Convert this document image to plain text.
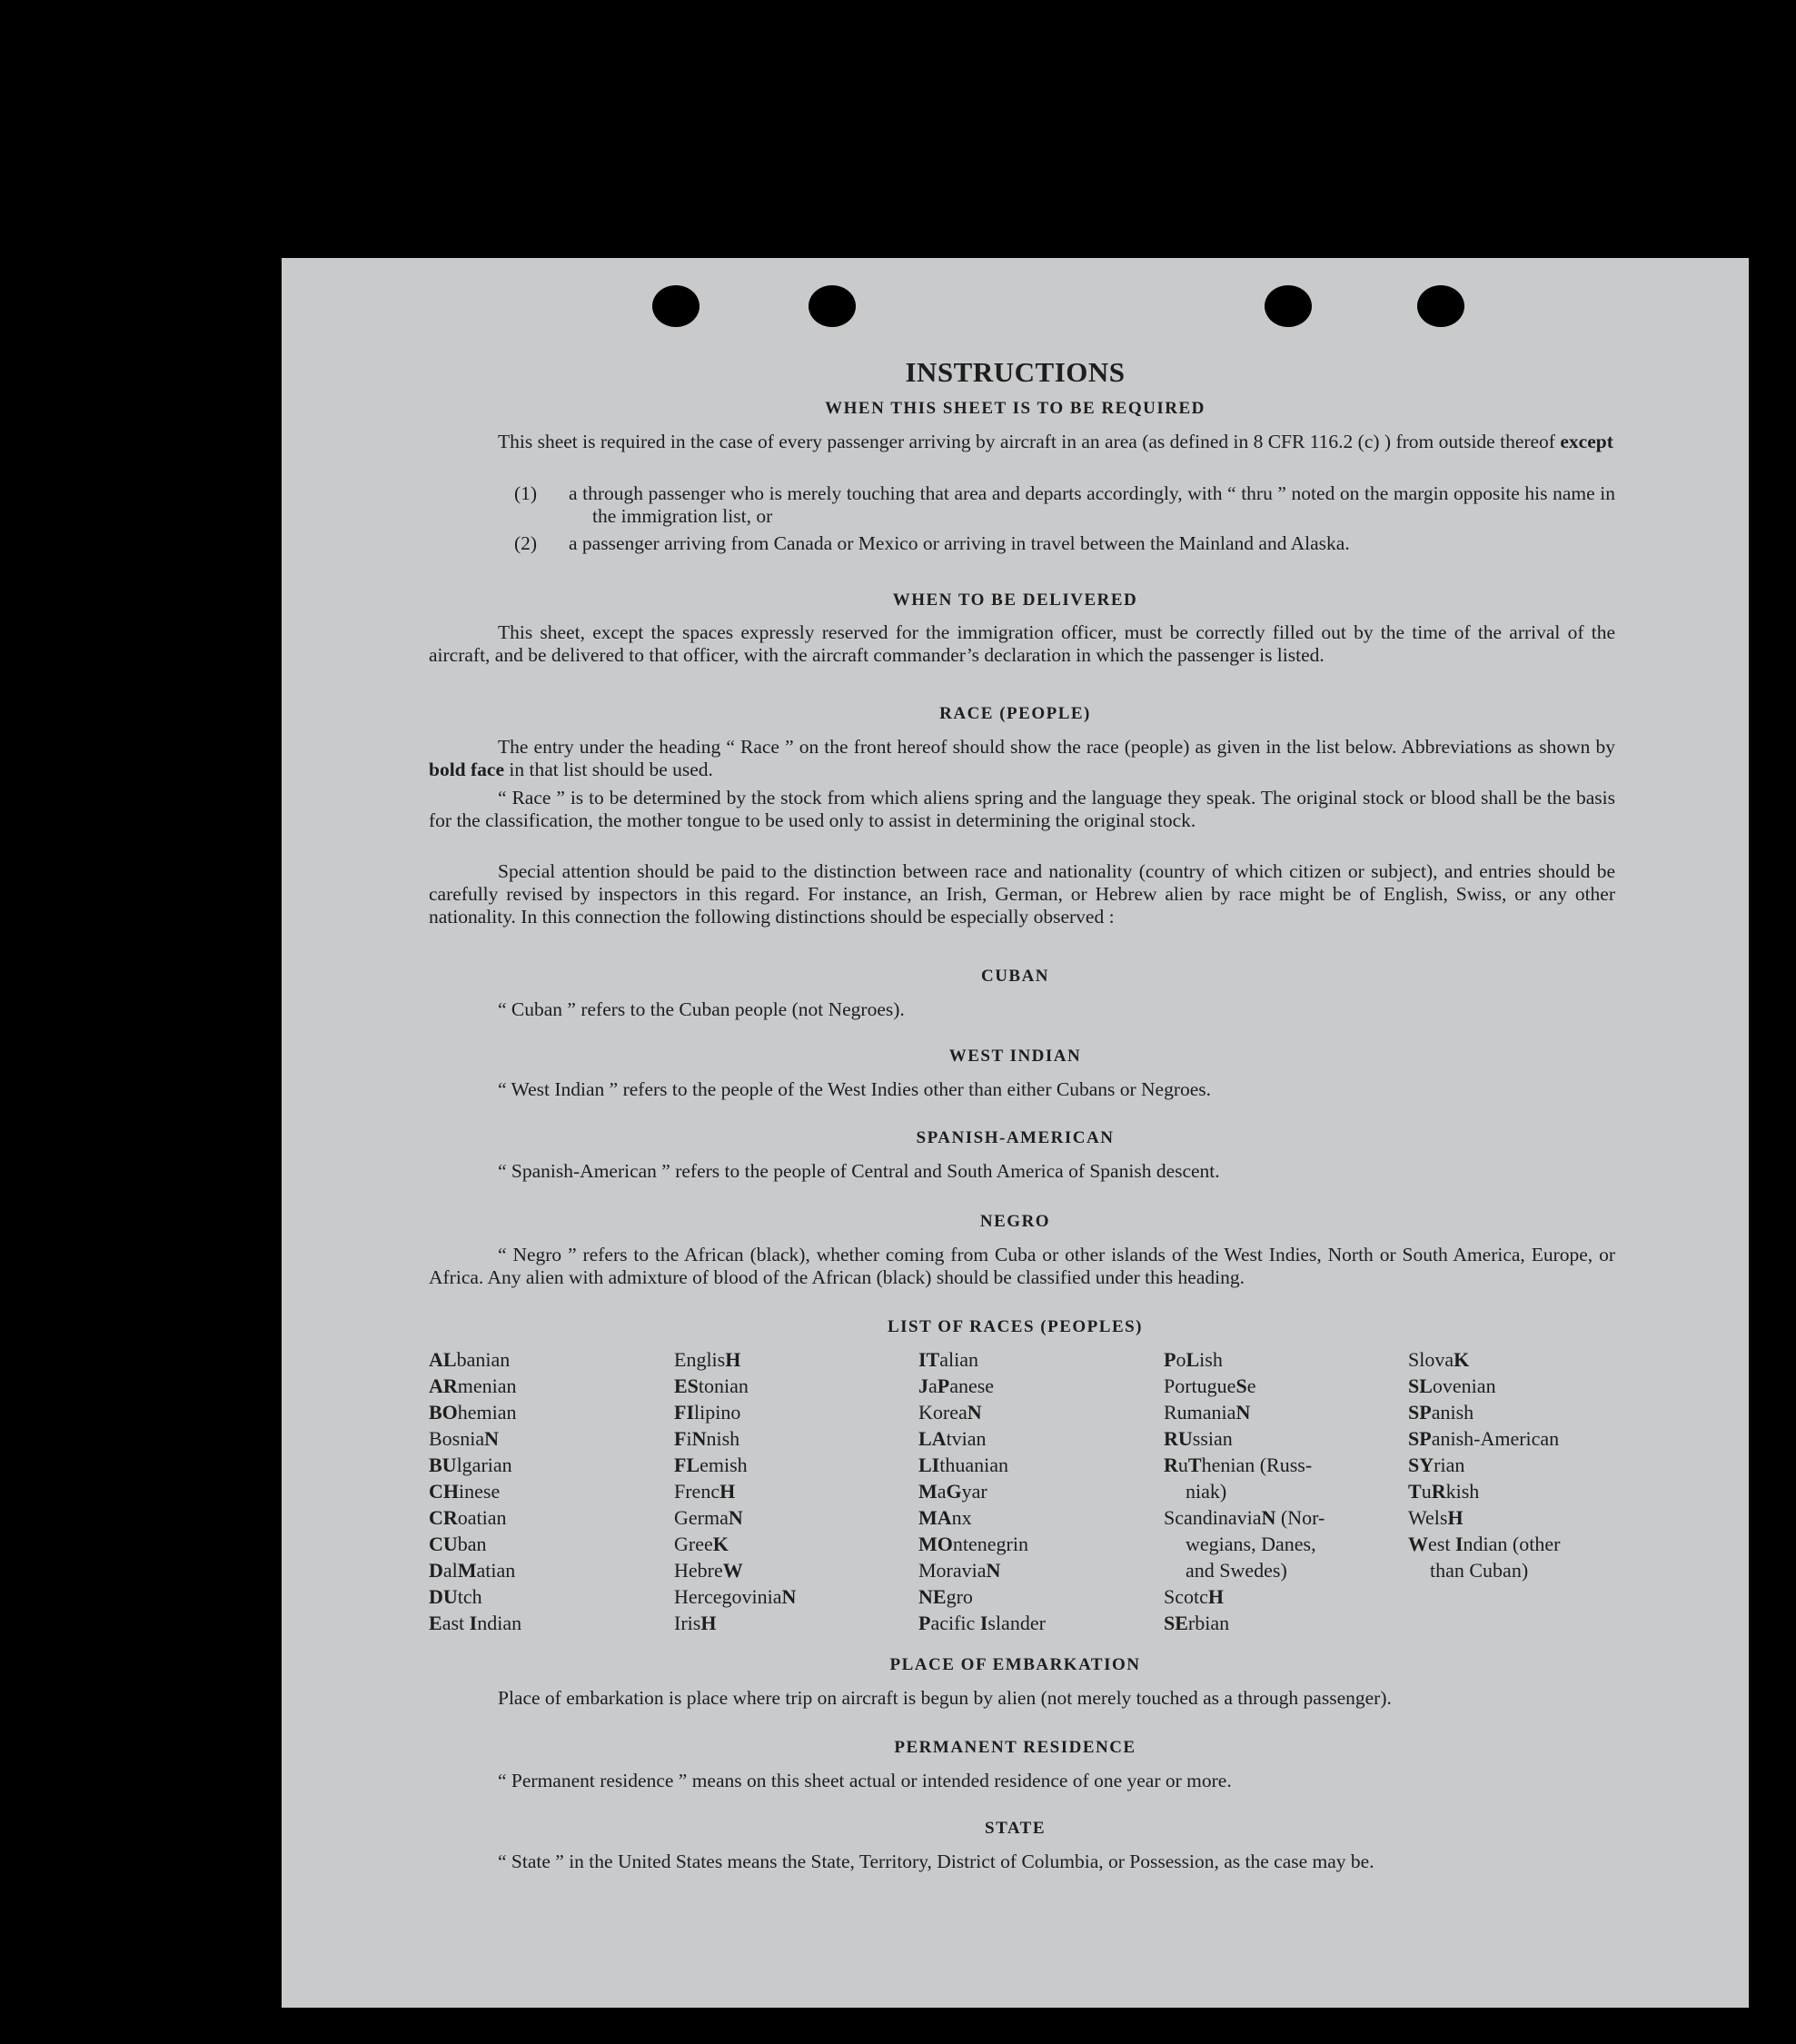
INSTRUCTIONS
WHEN THIS SHEET IS TO BE REQUIRED
This sheet is required in the case of every passenger arriving by aircraft in an area (as defined in 8 CFR 116.2 (c) ) from outside thereof except
(1) a through passenger who is merely touching that area and departs accordingly, with “ thru ” noted on the margin opposite his name in the immigration list, or
(2) a passenger arriving from Canada or Mexico or arriving in travel between the Mainland and Alaska.
WHEN TO BE DELIVERED
This sheet, except the spaces expressly reserved for the immigration officer, must be correctly filled out by the time of the arrival of the aircraft, and be delivered to that officer, with the aircraft commander’s declaration in which the passenger is listed.
RACE (PEOPLE)
The entry under the heading “ Race ” on the front hereof should show the race (people) as given in the list below. Abbreviations as shown by bold face in that list should be used.
“ Race ” is to be determined by the stock from which aliens spring and the language they speak. The original stock or blood shall be the basis for the classification, the mother tongue to be used only to assist in determining the original stock.
Special attention should be paid to the distinction between race and nationality (country of which citizen or subject), and entries should be carefully revised by inspectors in this regard. For instance, an Irish, German, or Hebrew alien by race might be of English, Swiss, or any other nationality. In this connection the following distinctions should be especially observed :
CUBAN
“ Cuban ” refers to the Cuban people (not Negroes).
WEST INDIAN
“ West Indian ” refers to the people of the West Indies other than either Cubans or Negroes.
SPANISH-AMERICAN
“ Spanish-American ” refers to the people of Central and South America of Spanish descent.
NEGRO
“ Negro ” refers to the African (black), whether coming from Cuba or other islands of the West Indies, North or South America, Europe, or Africa. Any alien with admixture of blood of the African (black) should be classified under this heading.
LIST OF RACES (PEOPLES)
ALbanian
ARmenian
BOhemian
BosniaN
BUlgarian
CHinese
CRoatian
CUban
DalMatian
DUtch
East Indian
EnglisH
EStonian
FIlipino
FiNnish
FLemish
FrencH
GermaN
GreeK
HebreW
HercegoviniaN
IrisH
ITalian
JaPanese
KoreaN
LAtvian
LIthuanian
MaGyar
MAnx
MOntenegrin
MoraviaN
NEgro
Pacific Islander
PoLish
PortugueSe
RumaniaN
RUssian
RuThenian (Russ-
niak)
ScandinaviaN (Nor-
wegians, Danes,
and Swedes)
ScotcH
SErbian
SlovaK
SLovenian
SPanish
SPanish-American
SYrian
TuRkish
WelsH
West Indian (other
than Cuban)
PLACE OF EMBARKATION
Place of embarkation is place where trip on aircraft is begun by alien (not merely touched as a through passenger).
PERMANENT RESIDENCE
“ Permanent residence ” means on this sheet actual or intended residence of one year or more.
STATE
“ State ” in the United States means the State, Territory, District of Columbia, or Possession, as the case may be.
